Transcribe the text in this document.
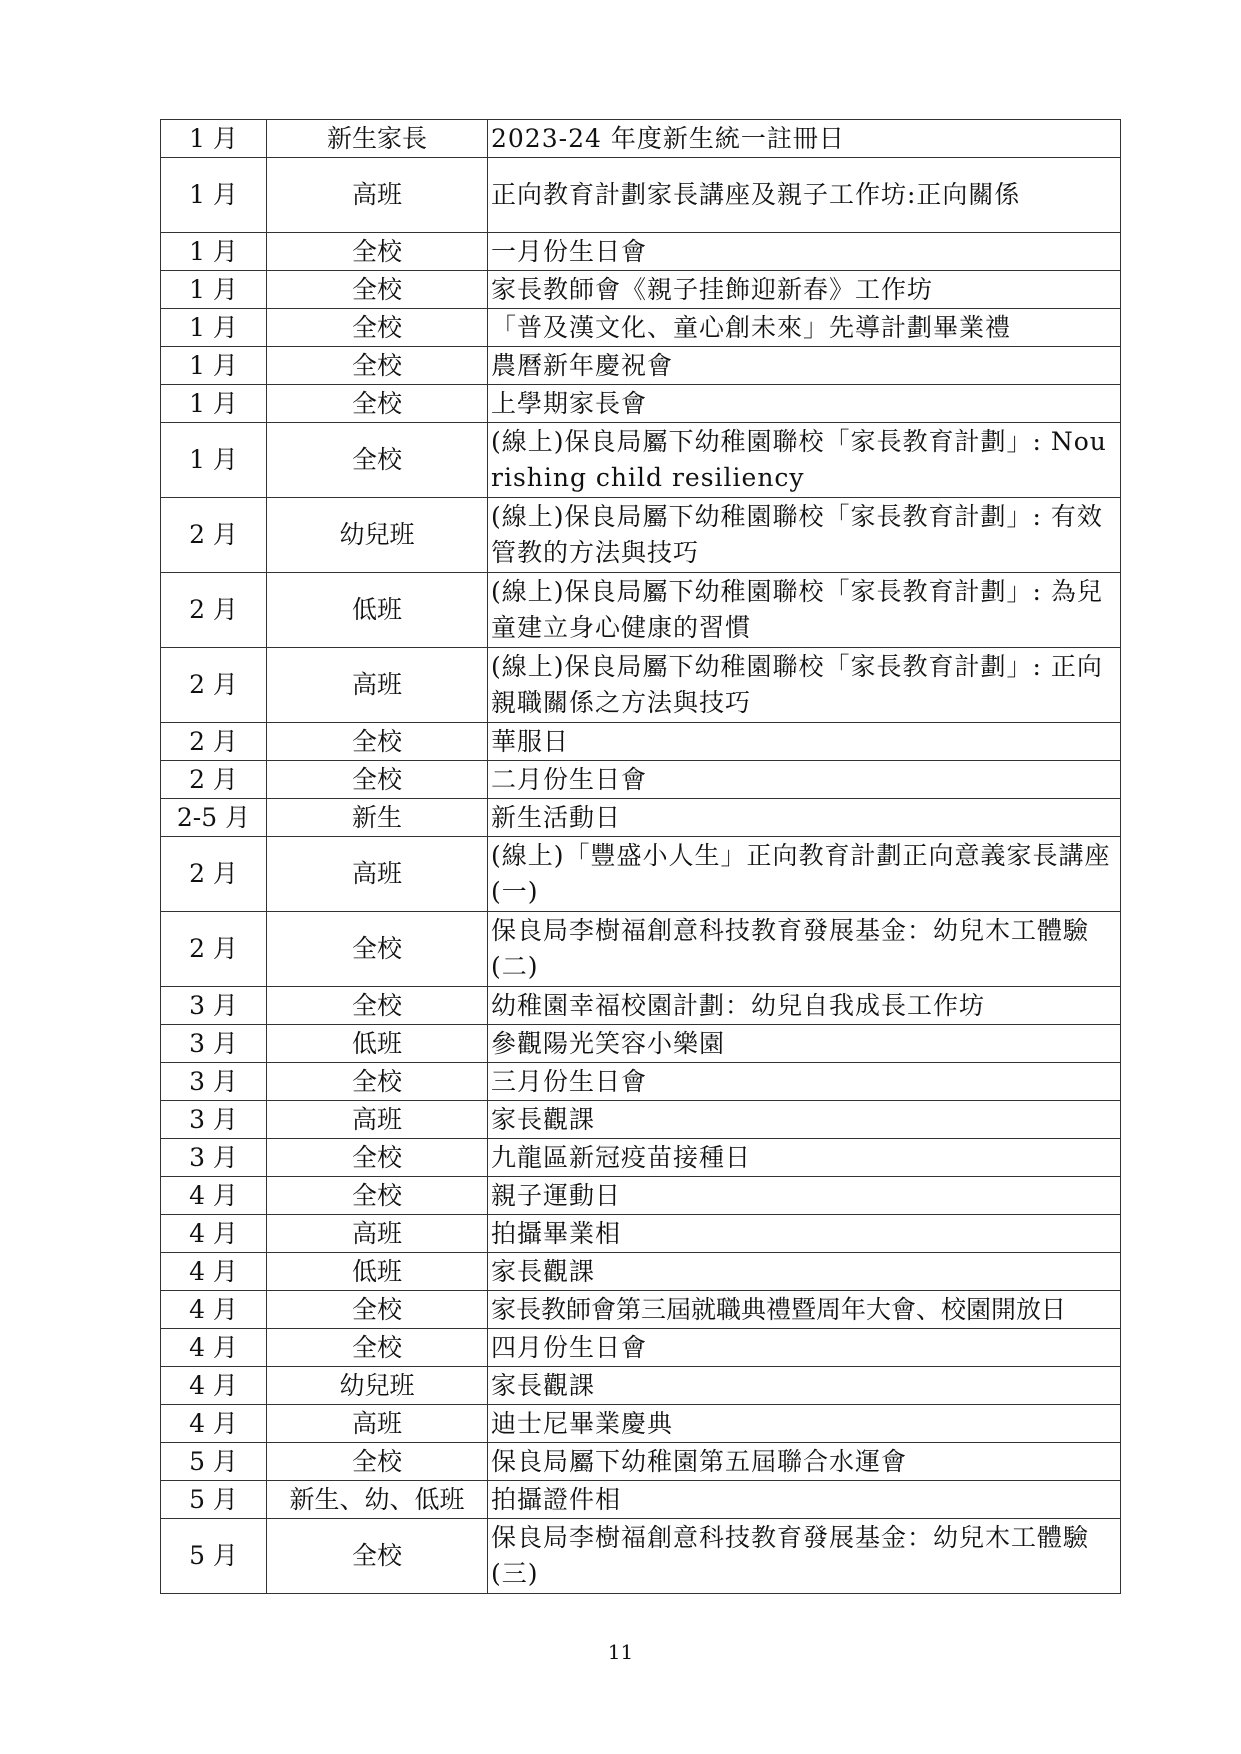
1 月	新生家長	2023-24 年度新生統一註冊日
1 月	高班	正向教育計劃家長講座及親子工作坊:正向關係
1 月	全校	一月份生日會
1 月	全校	家長教師會《親子挂飾迎新春》工作坊
1 月	全校	「普及漢文化、童心創未來」先導計劃畢業禮
1 月	全校	農曆新年慶祝會
1 月	全校	上學期家長會
1 月	全校	(線上)保良局屬下幼稚園聯校「家長教育計劃」: Nourishing child resiliency
2 月	幼兒班	(線上)保良局屬下幼稚園聯校「家長教育計劃」: 有效管教的方法與技巧
2 月	低班	(線上)保良局屬下幼稚園聯校「家長教育計劃」: 為兒童建立身心健康的習慣
2 月	高班	(線上)保良局屬下幼稚園聯校「家長教育計劃」: 正向親職關係之方法與技巧
2 月	全校	華服日
2 月	全校	二月份生日會
2-5 月	新生	新生活動日
2 月	高班	(線上)「豐盛小人生」正向教育計劃正向意義家長講座(一)
2 月	全校	保良局李樹福創意科技教育發展基金：幼兒木工體驗(二)
3 月	全校	幼稚園幸福校園計劃：幼兒自我成長工作坊
3 月	低班	參觀陽光笑容小樂園
3 月	全校	三月份生日會
3 月	高班	家長觀課
3 月	全校	九龍區新冠疫苗接種日
4 月	全校	親子運動日
4 月	高班	拍攝畢業相
4 月	低班	家長觀課
4 月	全校	家長教師會第三屆就職典禮暨周年大會、校園開放日
4 月	全校	四月份生日會
4 月	幼兒班	家長觀課
4 月	高班	迪士尼畢業慶典
5 月	全校	保良局屬下幼稚園第五屆聯合水運會
5 月	新生、幼、低班	拍攝證件相
5 月	全校	保良局李樹福創意科技教育發展基金：幼兒木工體驗(三)
11
